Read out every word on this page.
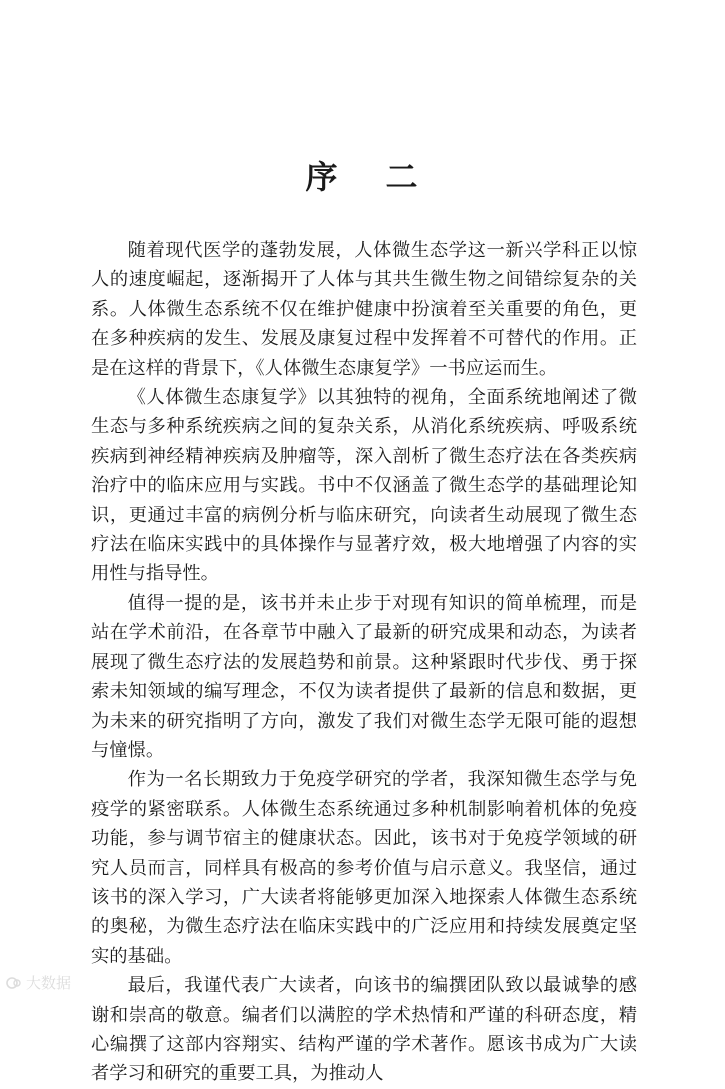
序 二

随着现代医学的蓬勃发展，人体微生态学这一新兴学科正以惊人的速度崛起，逐渐揭开了人体与其共生微生物之间错综复杂的关系。人体微生态系统不仅在维护健康中扮演着至关重要的角色，更在多种疾病的发生、发展及康复过程中发挥着不可替代的作用。正是在这样的背景下，《人体微生态康复学》一书应运而生。

《人体微生态康复学》以其独特的视角，全面系统地阐述了微生态与多种系统疾病之间的复杂关系，从消化系统疾病、呼吸系统疾病到神经精神疾病及肿瘤等，深入剖析了微生态疗法在各类疾病治疗中的临床应用与实践。书中不仅涵盖了微生态学的基础理论知识，更通过丰富的病例分析与临床研究，向读者生动展现了微生态疗法在临床实践中的具体操作与显著疗效，极大地增强了内容的实用性与指导性。

值得一提的是，该书并未止步于对现有知识的简单梳理，而是站在学术前沿，在各章节中融入了最新的研究成果和动态，为读者展现了微生态疗法的发展趋势和前景。这种紧跟时代步伐、勇于探索未知领域的编写理念，不仅为读者提供了最新的信息和数据，更为未来的研究指明了方向，激发了我们对微生态学无限可能的遐想与憧憬。

作为一名长期致力于免疫学研究的学者，我深知微生态学与免疫学的紧密联系。人体微生态系统通过多种机制影响着机体的免疫功能，参与调节宿主的健康状态。因此，该书对于免疫学领域的研究人员而言，同样具有极高的参考价值与启示意义。我坚信，通过该书的深入学习，广大读者将能够更加深入地探索人体微生态系统的奥秘，为微生态疗法在临床实践中的广泛应用和持续发展奠定坚实的基础。

最后，我谨代表广大读者，向该书的编撰团队致以最诚挚的感谢和崇高的敬意。编者们以满腔的学术热情和严谨的科研态度，精心编撰了这部内容翔实、结构严谨的学术著作。愿该书成为广大读者学习和研究的重要工具，为推动人

大数据
